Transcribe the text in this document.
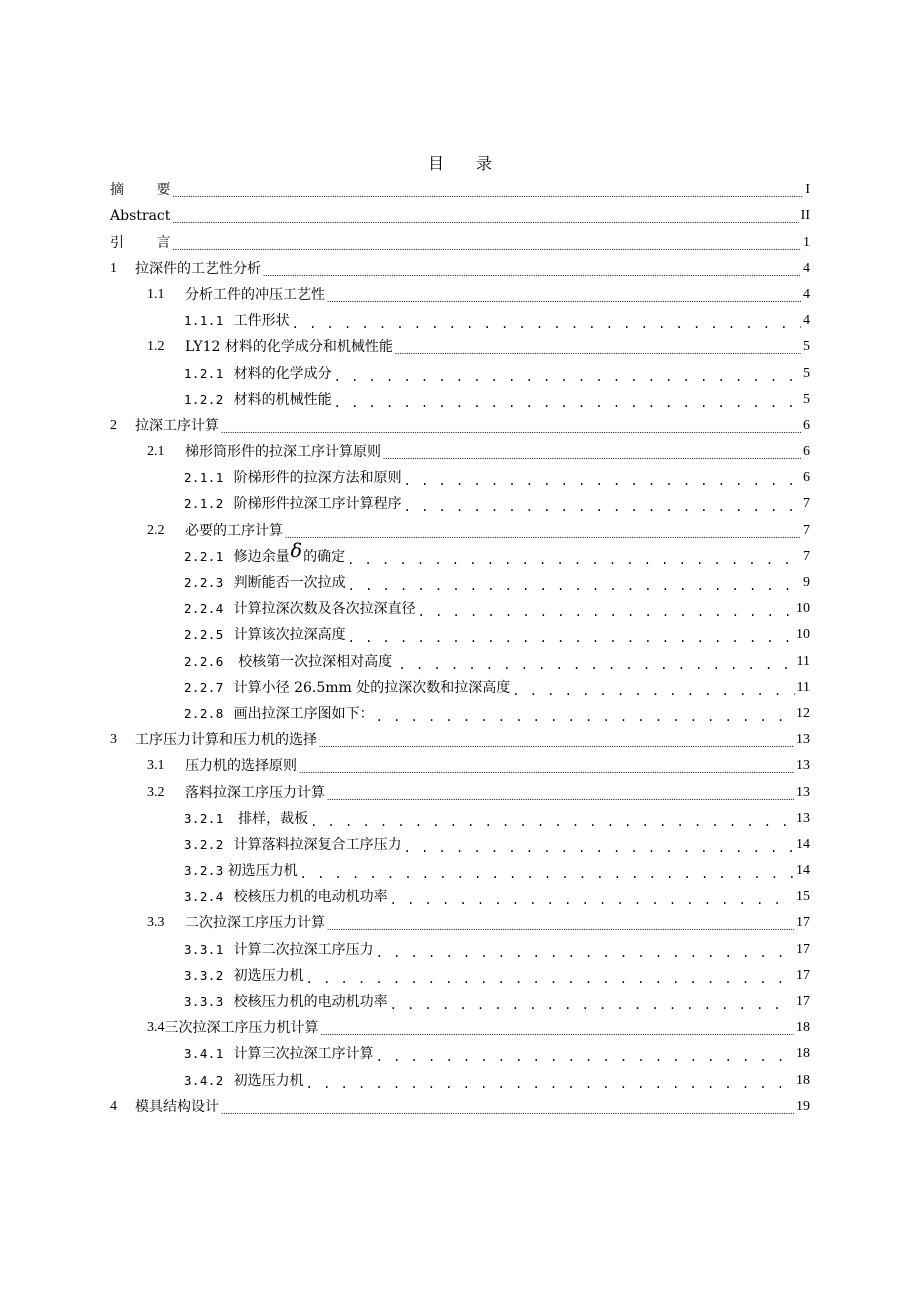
目 录
摘 要 .....	I
Abstract .....	II
引 言 .....	1
1	拉深件的工艺性分析 .....	4
1.1	分析工件的冲压工艺性 .....	4
1.1.1 工件形状 . . .	4
1.2	LY12 材料的化学成分和机械性能 .....	5
1.2.1 材料的化学成分 . . .	5
1.2.2 材料的机械性能 . . .	5
2	拉深工序计算 .....	6
2.1	梯形筒形件的拉深工序计算原则 .....	6
2.1.1 阶梯形件的拉深方法和原则 . . .	6
2.1.2 阶梯形件拉深工序计算程序 . . .	7
2.2	必要的工序计算 .....	7
2.2.1 修边余量δ的确定 . . .	7
2.2.3 判断能否一次拉成 . . .	9
2.2.4 计算拉深次数及各次拉深直径 . . .	10
2.2.5 计算该次拉深高度 . . .	10
2.2.6 校核第一次拉深相对高度 . . .	11
2.2.7 计算小径 26.5mm 处的拉深次数和拉深高度 . . .	11
2.2.8 画出拉深工序图如下： . . .	12
3	工序压力计算和压力机的选择 .....	13
3.1	压力机的选择原则 .....	13
3.2	落料拉深工序压力计算 .....	13
3.2.1 排样，裁板 . . .	13
3.2.2 计算落料拉深复合工序压力 . . .	14
3.2.3 初选压力机 . . .	14
3.2.4 校核压力机的电动机功率 . . .	15
3.3	二次拉深工序压力计算 .....	17
3.3.1 计算二次拉深工序压力 . . .	17
3.3.2 初选压力机 . . .	17
3.3.3 校核压力机的电动机功率 . . .	17
3.4 三次拉深工序压力机计算 .....	18
3.4.1 计算三次拉深工序计算 . . .	18
3.4.2 初选压力机 . . .	18
4	模具结构设计 .....	19
